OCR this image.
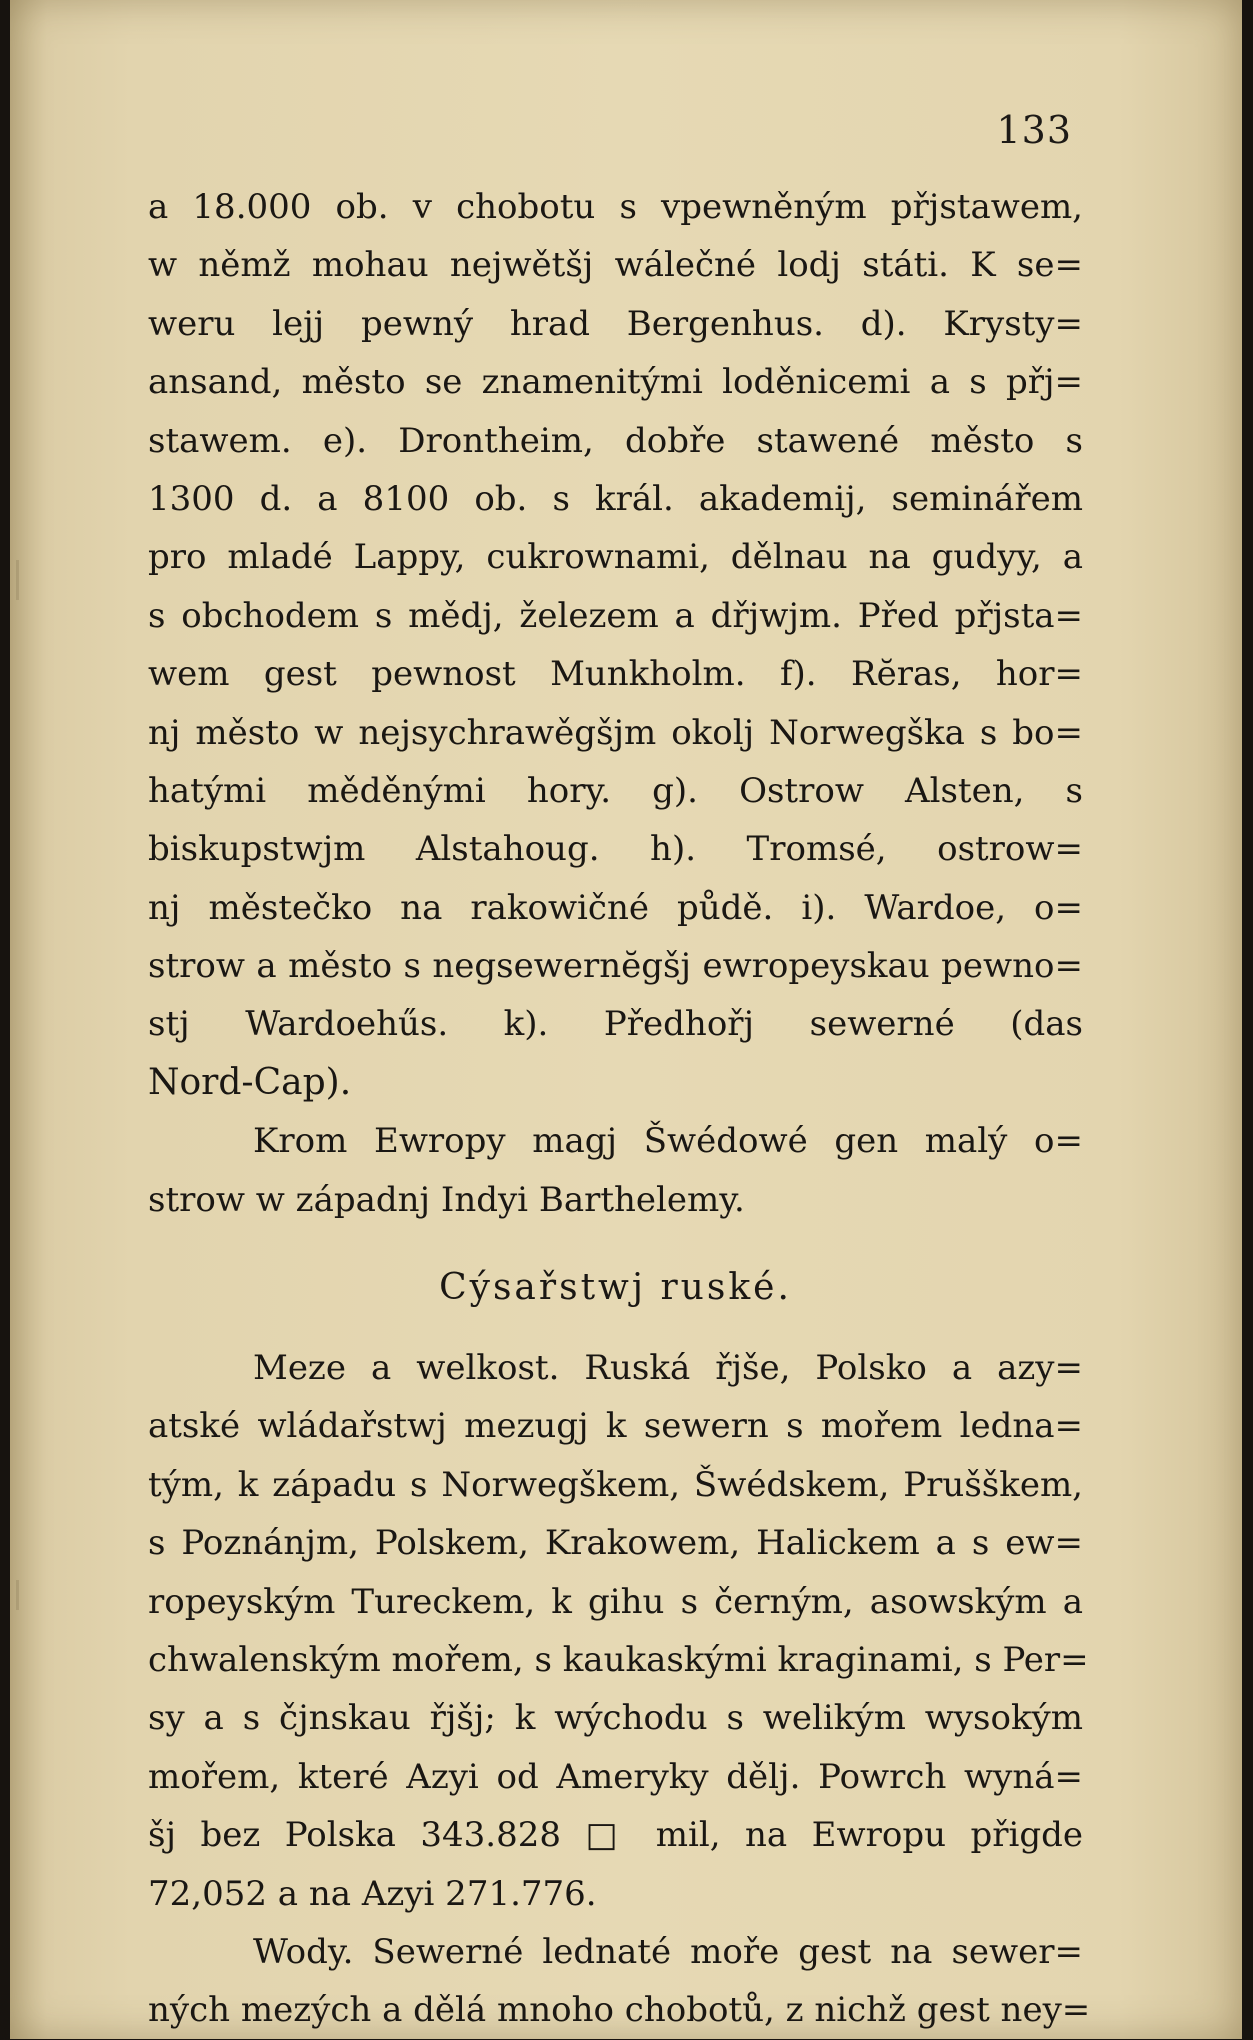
133
a 18.000 ob. v chobotu s vpewněným přjstawem,
w němž mohau nejwětšj wálečné lodj státi. K se=
weru lejj pewný hrad Bergenhus. d). Krysty=
ansand, město se znamenitými loděnicemi a s přj=
stawem. e). Drontheim, dobře stawené město s
1300 d. a 8100 ob. s král. akademij, seminářem
pro mladé Lappy, cukrownami, dělnau na gudyy, a
s obchodem s mědj, železem a dřjwjm. Před přjsta=
wem gest pewnost Munkholm. f). Rĕras, hor=
nj město w nejsychrawěgšjm okolj Norwegška s bo=
hatými měděnými hory. g). Ostrow Alsten, s
biskupstwjm Alstahoug. h). Tromsé, ostrow=
nj městečko na rakowičné půdě. i). Wardoe, o=
strow a město s negsewernĕgšj ewropeyskau pewno=
stj Wardoehűs. k). Předhořj sewerné (das
Nord-Cap).
Krom Ewropy magj Šwédowé gen malý o=
strow w západnj Indyi Barthelemy.
Cýsařstwj ruské.
Meze a welkost. Ruská řjše, Polsko a azy=
atské wládařstwj mezugj k sewern s mořem ledna=
tým, k západu s Norwegškem, Šwédskem, Prušškem,
s Poznánjm, Polskem, Krakowem, Halickem a s ew=
ropeyským Tureckem, k gihu s černým, asowským a
chwalenským mořem, s kaukaskými kraginami, s Per=
sy a s čjnskau řjšj; k wýchodu s welikým wysokým
mořem, které Azyi od Ameryky dělj. Powrch wyná=
šj bez Polska 343.828 □ mil, na Ewropu přigde
72,052 a na Azyi 271.776.
Wody. Sewerné lednaté moře gest na sewer=
ných mezých a dělá mnoho chobotů, z nichž gest ney=
